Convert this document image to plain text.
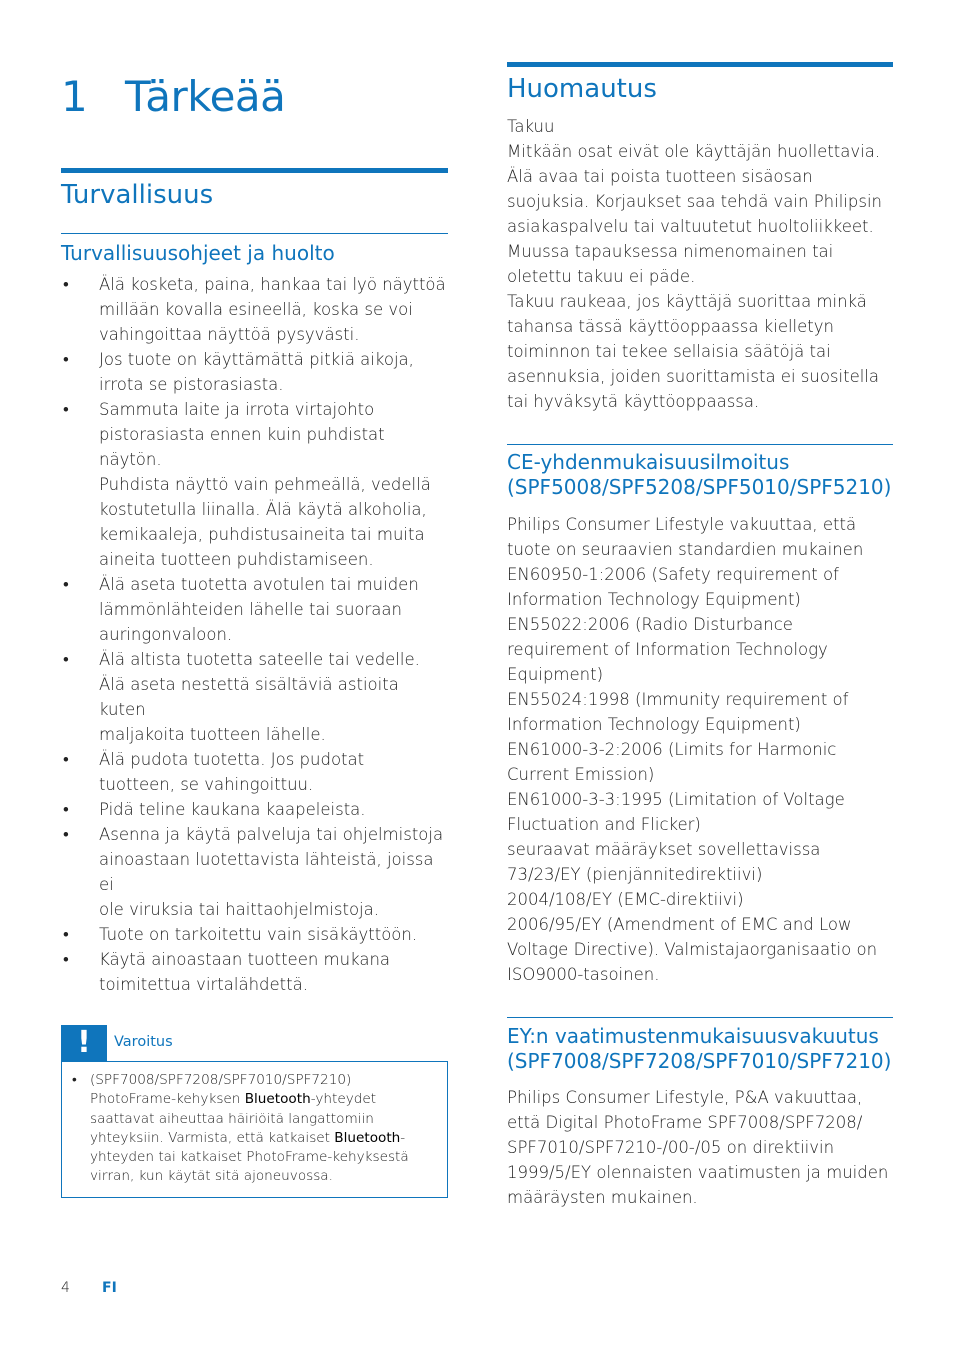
1 Tärkeää
Turvallisuus
Turvallisuusohjeet ja huolto
• Älä kosketa, paina, hankaa tai lyö näyttöä
millään kovalla esineellä, koska se voi
vahingoittaa näyttöä pysyvästi.
• Jos tuote on käyttämättä pitkiä aikoja,
irrota se pistorasiasta.
• Sammuta laite ja irrota virtajohto
pistorasiasta ennen kuin puhdistat näytön.
Puhdista näyttö vain pehmeällä, vedellä
kostutetulla liinalla. Älä käytä alkoholia,
kemikaaleja, puhdistusaineita tai muita
aineita tuotteen puhdistamiseen.
• Älä aseta tuotetta avotulen tai muiden
lämmönlähteiden lähelle tai suoraan
auringonvaloon.
• Älä altista tuotetta sateelle tai vedelle.
Älä aseta nestettä sisältäviä astioita kuten
maljakoita tuotteen lähelle.
• Älä pudota tuotetta. Jos pudotat
tuotteen, se vahingoittuu.
• Pidä teline kaukana kaapeleista.
• Asenna ja käytä palveluja tai ohjelmistoja
ainoastaan luotettavista lähteistä, joissa ei
ole viruksia tai haittaohjelmistoja.
• Tuote on tarkoitettu vain sisäkäyttöön.
• Käytä ainoastaan tuotteen mukana
toimitettua virtalähdettä.
!	Varoitus
• (SPF7008/SPF7208/SPF7010/SPF7210)
PhotoFrame-kehyksen Bluetooth-yhteydet
saattavat aiheuttaa häiriöitä langattomiin
yhteyksiin. Varmista, että katkaiset Bluetooth-
yhteyden tai katkaiset PhotoFrame-kehyksestä
virran, kun käytät sitä ajoneuvossa.
Huomautus

Takuu

Mitkään osat eivät ole käyttäjän huollettavia.

Älä avaa tai poista tuotteen sisäosan

suojuksia. Korjaukset saa tehdä vain Philipsin

asiakaspalvelu tai valtuutetut huoltoliikkeet.

Muussa tapauksessa nimenomainen tai

oletettu takuu ei päde.

Takuu raukeaa, jos käyttäjä suorittaa minkä

tahansa tässä käyttöoppaassa kielletyn

toiminnon tai tekee sellaisia säätöjä tai

asennuksia, joiden suorittamista ei suositella

tai hyväksytä käyttöoppaassa.

CE-yhdenmukaisuusilmoitus
(SPF5008/SPF5208/SPF5010/SPF5210)

Philips Consumer Lifestyle vakuuttaa, että

tuote on seuraavien standardien mukainen

EN60950-1:2006 (Safety requirement of

Information Technology Equipment)

EN55022:2006 (Radio Disturbance

requirement of Information Technology

Equipment)

EN55024:1998 (Immunity requirement of

Information Technology Equipment)

EN61000-3-2:2006 (Limits for Harmonic

Current Emission)

EN61000-3-3:1995 (Limitation of Voltage

Fluctuation and Flicker)

seuraavat määräykset sovellettavissa

73/23/EY (pienjännitedirektiivi)

2004/108/EY (EMC-direktiivi)

2006/95/EY (Amendment of EMC and Low

Voltage Directive). Valmistajaorganisaatio on

ISO9000-tasoinen.

EY:n vaatimustenmukaisuusvakuutus
(SPF7008/SPF7208/SPF7010/SPF7210)

Philips Consumer Lifestyle, P&A vakuuttaa,

että Digital PhotoFrame SPF7008/SPF7208/

SPF7010/SPF7210-/00-/05 on direktiivin

1999/5/EY olennaisten vaatimusten ja muiden

määräysten mukainen.

4 FI
